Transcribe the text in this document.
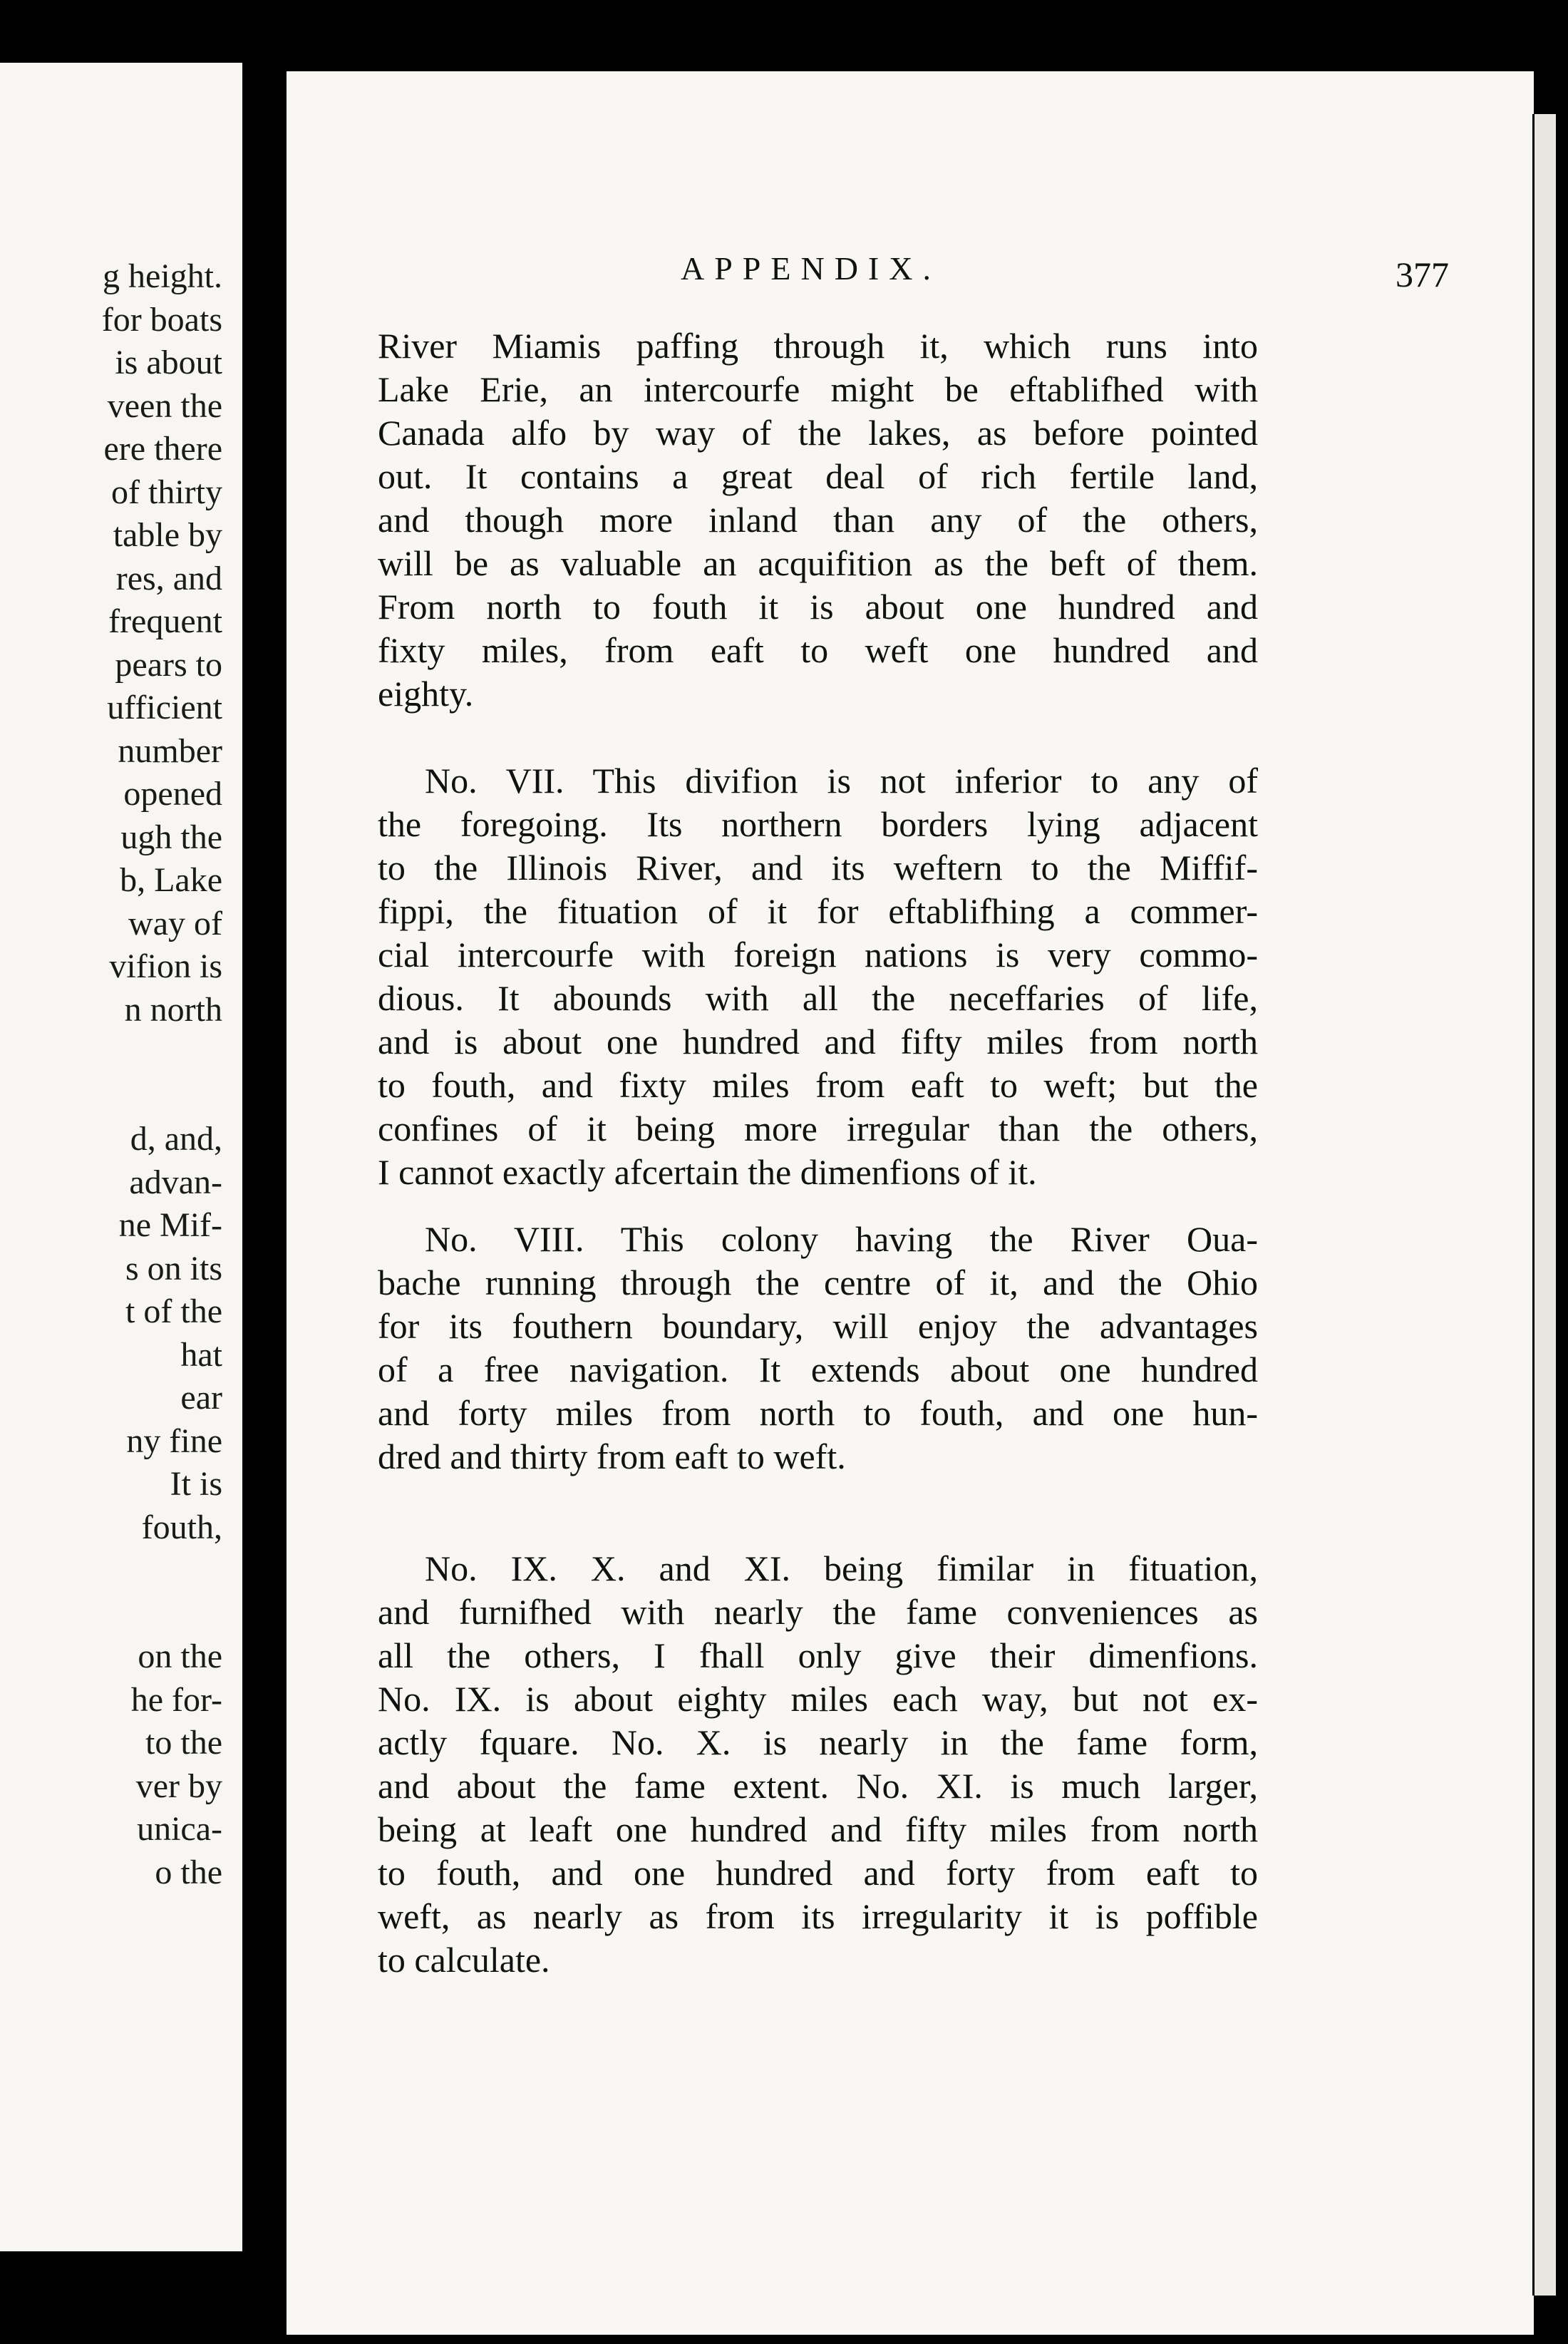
g height.
for boats
is about
veen the
ere there
of thirty
table by
res, and
frequent
pears to
ufficient
number
opened
ugh the
b, Lake
way of
vifion is
n north
d, and,
advan-
ne Mif-
s on its
t of the
hat
ear
ny fine
It is
fouth,
on the
he for-
to the
ver by
unica-
o the
APPENDIX.	377
River Miamis paffing through it, which runs into
Lake Erie, an intercourfe might be eftablifhed with
Canada alfo by way of the lakes, as before pointed
out. It contains a great deal of rich fertile land,
and though more inland than any of the others,
will be as valuable an acquifition as the beft of them.
From north to fouth it is about one hundred and
fixty miles, from eaft to weft one hundred and
eighty.
No. VII. This divifion is not inferior to any of
the foregoing. Its northern borders lying adjacent
to the Illinois River, and its weftern to the Miffif-
fippi, the fituation of it for eftablifhing a commer-
cial intercourfe with foreign nations is very commo-
dious. It abounds with all the neceffaries of life,
and is about one hundred and fifty miles from north
to fouth, and fixty miles from eaft to weft; but the
confines of it being more irregular than the others,
I cannot exactly afcertain the dimenfions of it.
No. VIII. This colony having the River Oua-
bache running through the centre of it, and the Ohio
for its fouthern boundary, will enjoy the advantages
of a free navigation. It extends about one hundred
and forty miles from north to fouth, and one hun-
dred and thirty from eaft to weft.
No. IX. X. and XI. being fimilar in fituation,
and furnifhed with nearly the fame conveniences as
all the others, I fhall only give their dimenfions.
No. IX. is about eighty miles each way, but not ex-
actly fquare. No. X. is nearly in the fame form,
and about the fame extent. No. XI. is much larger,
being at leaft one hundred and fifty miles from north
to fouth, and one hundred and forty from eaft to
weft, as nearly as from its irregularity it is poffible
to calculate.
